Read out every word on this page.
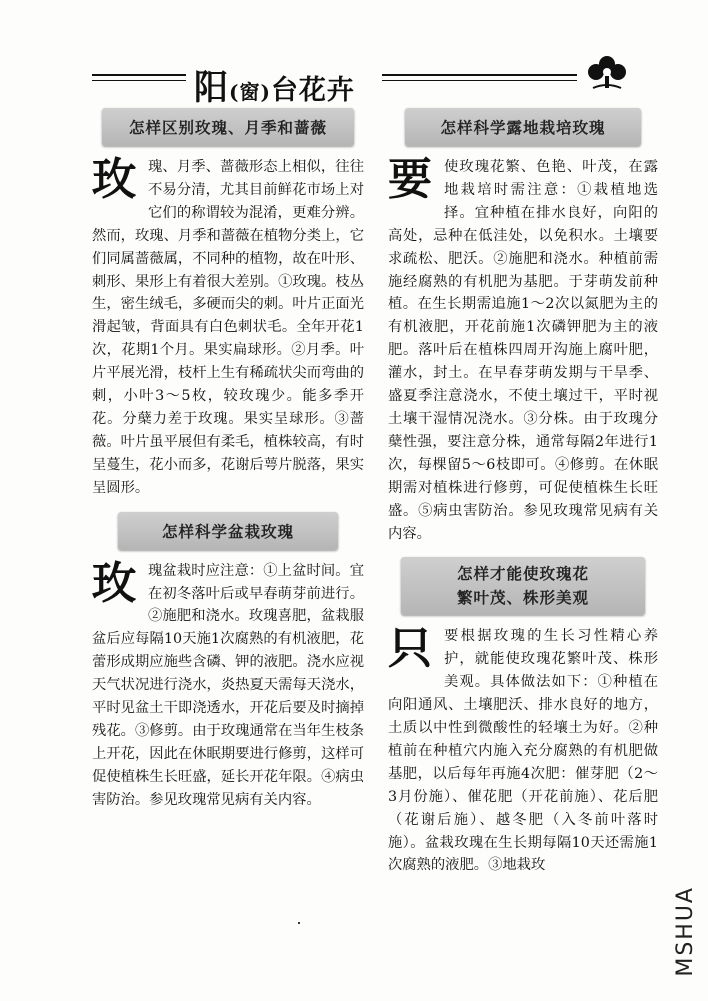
阳(窗)台花卉
怎样区别玫瑰、月季和蔷薇

玫瑰、月季、蔷薇形态上相似，往往不易分清，尤其目前鲜花市场上对它们的称谓较为混淆，更难分辨。然而，玫瑰、月季和蔷薇在植物分类上，它们同属蔷薇属，不同种的植物，故在叶形、刺形、果形上有着很大差别。①玫瑰。枝丛生，密生绒毛，多硬而尖的刺。叶片正面光滑起皱，背面具有白色刺状毛。全年开花1次，花期1个月。果实扁球形。②月季。叶片平展光滑，枝杆上生有稀疏状尖而弯曲的刺，小叶3～5枚，较玫瑰少。能多季开花。分蘖力差于玫瑰。果实呈球形。③蔷薇。叶片虽平展但有柔毛，植株较高，有时呈蔓生，花小而多，花谢后萼片脱落，果实呈圆形。

怎样科学盆栽玫瑰

玫瑰盆栽时应注意：①上盆时间。宜在初冬落叶后或早春萌芽前进行。②施肥和浇水。玫瑰喜肥，盆栽服盆后应每隔10天施1次腐熟的有机液肥，花蕾形成期应施些含磷、钾的液肥。浇水应视天气状况进行浇水，炎热夏天需每天浇水，平时见盆土干即浇透水，开花后要及时摘掉残花。③修剪。由于玫瑰通常在当年生枝条上开花，因此在休眠期要进行修剪，这样可促使植株生长旺盛，延长开花年限。④病虫害防治。参见玫瑰常见病有关内容。

怎样科学露地栽培玫瑰

要使玫瑰花繁、色艳、叶茂，在露地栽培时需注意：①栽植地选择。宜种植在排水良好，向阳的高处，忌种在低洼处，以免积水。土壤要求疏松、肥沃。②施肥和浇水。种植前需施经腐熟的有机肥为基肥。于芽萌发前种植。在生长期需追施1～2次以氮肥为主的有机液肥，开花前施1次磷钾肥为主的液肥。落叶后在植株四周开沟施上腐叶肥，灌水，封土。在早春芽萌发期与干旱季、盛夏季注意浇水，不使土壤过干，平时视土壤干湿情况浇水。③分株。由于玫瑰分蘖性强，要注意分株，通常每隔2年进行1次，每棵留5～6枝即可。④修剪。在休眠期需对植株进行修剪，可促使植株生长旺盛。⑤病虫害防治。参见玫瑰常见病有关内容。

怎样才能使玫瑰花
繁叶茂、株形美观

只要根据玫瑰的生长习性精心养护，就能使玫瑰花繁叶茂、株形美观。具体做法如下：①种植在向阳通风、土壤肥沃、排水良好的地方，土质以中性到微酸性的轻壤土为好。②种植前在种植穴内施入充分腐熟的有机肥做基肥，以后每年再施4次肥：催芽肥（2～3月份施）、催花肥（开花前施）、花后肥（花谢后施）、越冬肥（入冬前叶落时施）。盆栽玫瑰在生长期每隔10天还需施1次腐熟的液肥。③地栽玫

MSHUA
